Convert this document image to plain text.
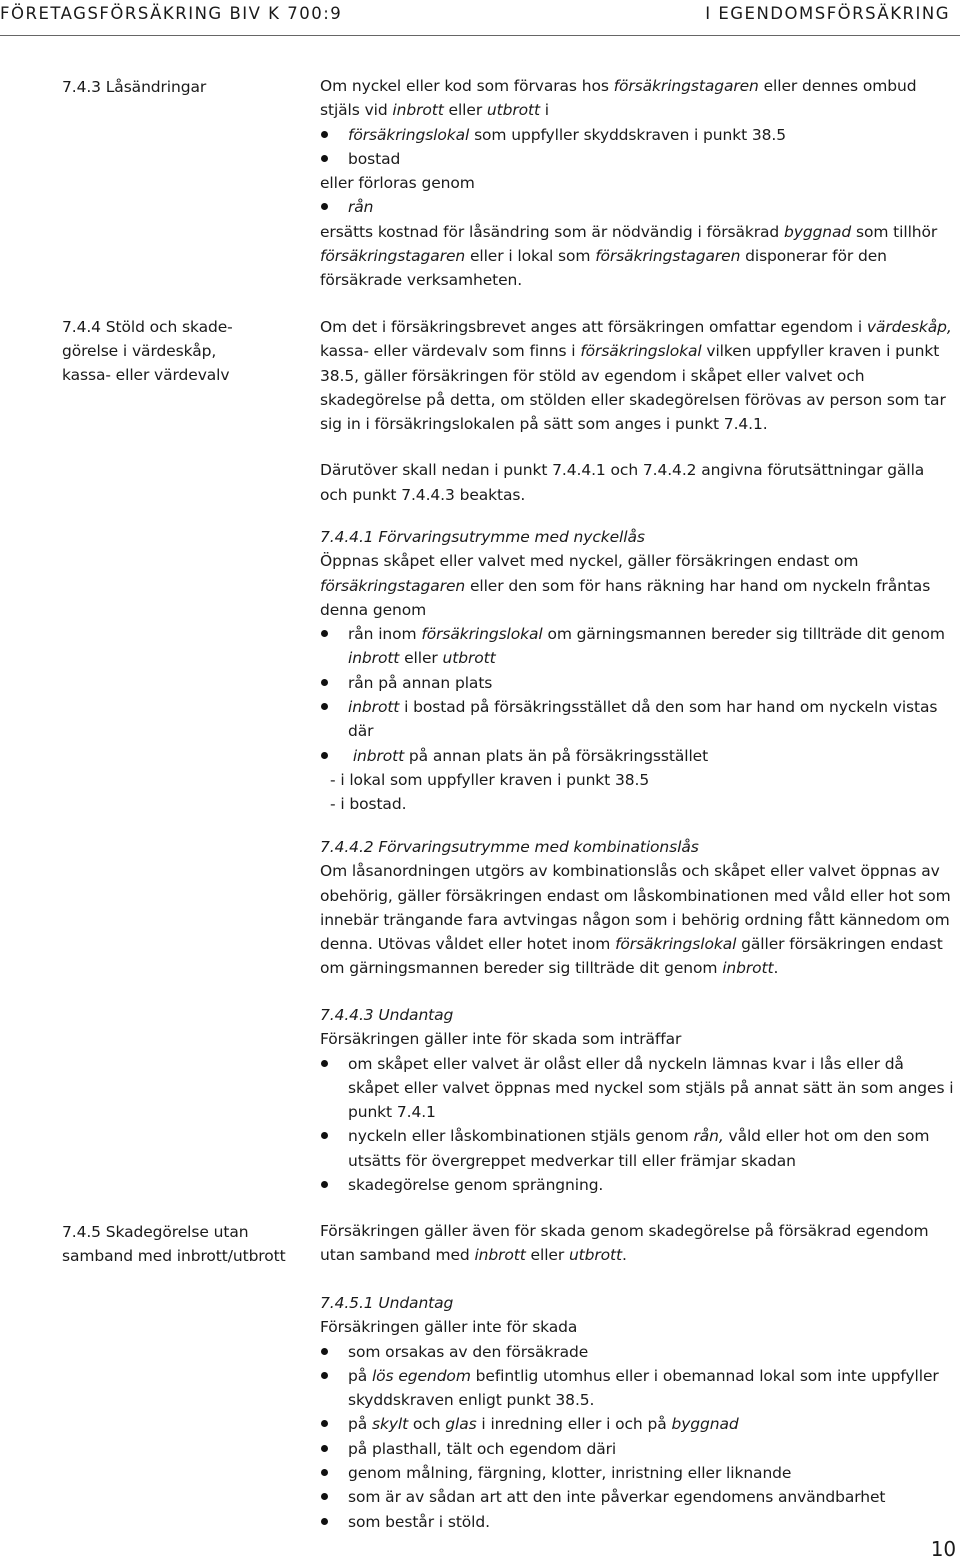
FÖRETAGSFÖRSÄKRING BIV K 700:9	I EGENDOMSFÖRSÄKRING
7.4.3 Låsändringar	Om nyckel eller kod som förvaras hos försäkringstagaren eller dennes ombud stjäls vid inbrott eller utbrott i

försäkringslokal som uppfyller skyddskraven i punkt 38.5
bostad

eller förloras genom

rån

ersätts kostnad för låsändring som är nödvändig i försäkrad byggnad som tillhör försäkringstagaren eller i lokal som försäkringstagaren disponerar för den försäkrade verksamheten.

7.4.4 Stöld och skade-
görelse i värdeskåp,
kassa- eller värdevalv

Om det i försäkringsbrevet anges att försäkringen omfattar egendom i värdeskåp, kassa- eller värdevalv som finns i försäkringslokal vilken uppfyller kraven i punkt 38.5, gäller försäkringen för stöld av egendom i skåpet eller valvet och skadegörelse på detta, om stölden eller skadegörelsen förövas av person som tar sig in i försäkringslokalen på sätt som anges i punkt 7.4.1.

Därutöver skall nedan i punkt 7.4.4.1 och 7.4.4.2 angivna förutsättningar gälla och punkt 7.4.4.3 beaktas.

7.4.4.1 Förvaringsutrymme med nyckellås

Öppnas skåpet eller valvet med nyckel, gäller försäkringen endast om försäkringstagaren eller den som för hans räkning har hand om nyckeln fråntas denna genom

rån inom försäkringslokal om gärningsmannen bereder sig tillträde dit genom inbrott eller utbrott
rån på annan plats
inbrott i bostad på försäkringsstället då den som har hand om nyckeln vistas där
inbrott på annan plats än på försäkringsstället
- i lokal som uppfyller kraven i punkt 38.5
- i bostad.

7.4.4.2 Förvaringsutrymme med kombinationslås

Om låsanordningen utgörs av kombinationslås och skåpet eller valvet öppnas av obehörig, gäller försäkringen endast om låskombinationen med våld eller hot som innebär trängande fara avtvingas någon som i behörig ordning fått kännedom om denna. Utövas våldet eller hotet inom försäkringslokal gäller försäkringen endast om gärningsmannen bereder sig tillträde dit genom inbrott.

7.4.4.3 Undantag

Försäkringen gäller inte för skada som inträffar

om skåpet eller valvet är olåst eller då nyckeln lämnas kvar i lås eller då skåpet eller valvet öppnas med nyckel som stjäls på annat sätt än som anges i punkt 7.4.1
nyckeln eller låskombinationen stjäls genom rån, våld eller hot om den som utsätts för övergreppet medverkar till eller främjar skadan
skadegörelse genom sprängning.
7.4.5 Skadegörelse utan
samband med inbrott/utbrott

Försäkringen gäller även för skada genom skadegörelse på försäkrad egendom utan samband med inbrott eller utbrott.

7.4.5.1 Undantag

Försäkringen gäller inte för skada

som orsakas av den försäkrade
på lös egendom befintlig utomhus eller i obemannad lokal som inte uppfyller skyddskraven enligt punkt 38.5.
på skylt och glas i inredning eller i och på byggnad
på plasthall, tält och egendom däri
genom målning, färgning, klotter, inristning eller liknande
som är av sådan art att den inte påverkar egendomens användbarhet
som består i stöld.
10
